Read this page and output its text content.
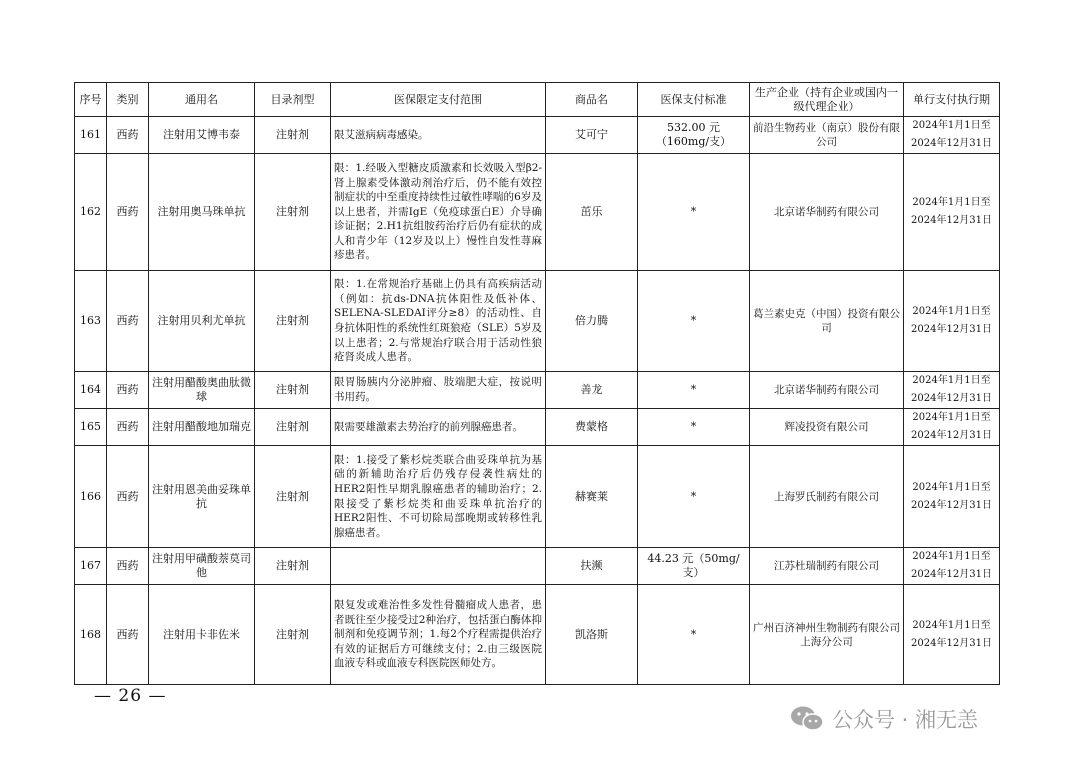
序号	类别	通用名	目录剂型	医保限定支付范围	商品名	医保支付标准	生产企业（持有企业或国内一级代理企业）	单行支付执行期
161	西药	注射用艾博韦泰	注射剂	限艾滋病病毒感染。	艾可宁	532.00 元（160mg/支）	前沿生物药业（南京）股份有限公司	2024年1月1日至2024年12月31日
162	西药	注射用奥马珠单抗	注射剂	限：1.经吸入型糖皮质激素和长效吸入型β2-肾上腺素受体激动剂治疗后，仍不能有效控制症状的中至重度持续性过敏性哮喘的6岁及以上患者，并需IgE（免疫球蛋白E）介导确诊证据；2.H1抗组胺药治疗后仍有症状的成人和青少年（12岁及以上）慢性自发性荨麻疹患者。	茁乐	*	北京诺华制药有限公司	2024年1月1日至2024年12月31日
163	西药	注射用贝利尤单抗	注射剂	限：1.在常规治疗基础上仍具有高疾病活动（例如：抗ds-DNA抗体阳性及低补体、SELENA-SLEDAI评分≥8）的活动性、自身抗体阳性的系统性红斑狼疮（SLE）5岁及以上患者；2.与常规治疗联合用于活动性狼疮肾炎成人患者。	倍力腾	*	葛兰素史克（中国）投资有限公司	2024年1月1日至2024年12月31日
164	西药	注射用醋酸奥曲肽微球	注射剂	限胃肠胰内分泌肿瘤、肢端肥大症，按说明书用药。	善龙	*	北京诺华制药有限公司	2024年1月1日至2024年12月31日
165	西药	注射用醋酸地加瑞克	注射剂	限需要雄激素去势治疗的前列腺癌患者。	费蒙格	*	辉凌投资有限公司	2024年1月1日至2024年12月31日
166	西药	注射用恩美曲妥珠单抗	注射剂	限：1.接受了紫杉烷类联合曲妥珠单抗为基础的新辅助治疗后仍残存侵袭性病灶的HER2阳性早期乳腺癌患者的辅助治疗；2.限接受了紫杉烷类和曲妥珠单抗治疗的HER2阳性、不可切除局部晚期或转移性乳腺癌患者。	赫赛莱	*	上海罗氏制药有限公司	2024年1月1日至2024年12月31日
167	西药	注射用甲磺酸萘莫司他	注射剂		扶濒	44.23 元（50mg/支）	江苏杜瑞制药有限公司	2024年1月1日至2024年12月31日
168	西药	注射用卡非佐米	注射剂	限复发或难治性多发性骨髓瘤成人患者，患者既往至少接受过2种治疗，包括蛋白酶体抑制剂和免疫调节剂；1.每2个疗程需提供治疗有效的证据后方可继续支付；2.由三级医院血液专科或血液专科医院医师处方。	凯洛斯	*	广州百济神州生物制药有限公司上海分公司	2024年1月1日至2024年12月31日
— 26 —
公众号 · 湘无恙
